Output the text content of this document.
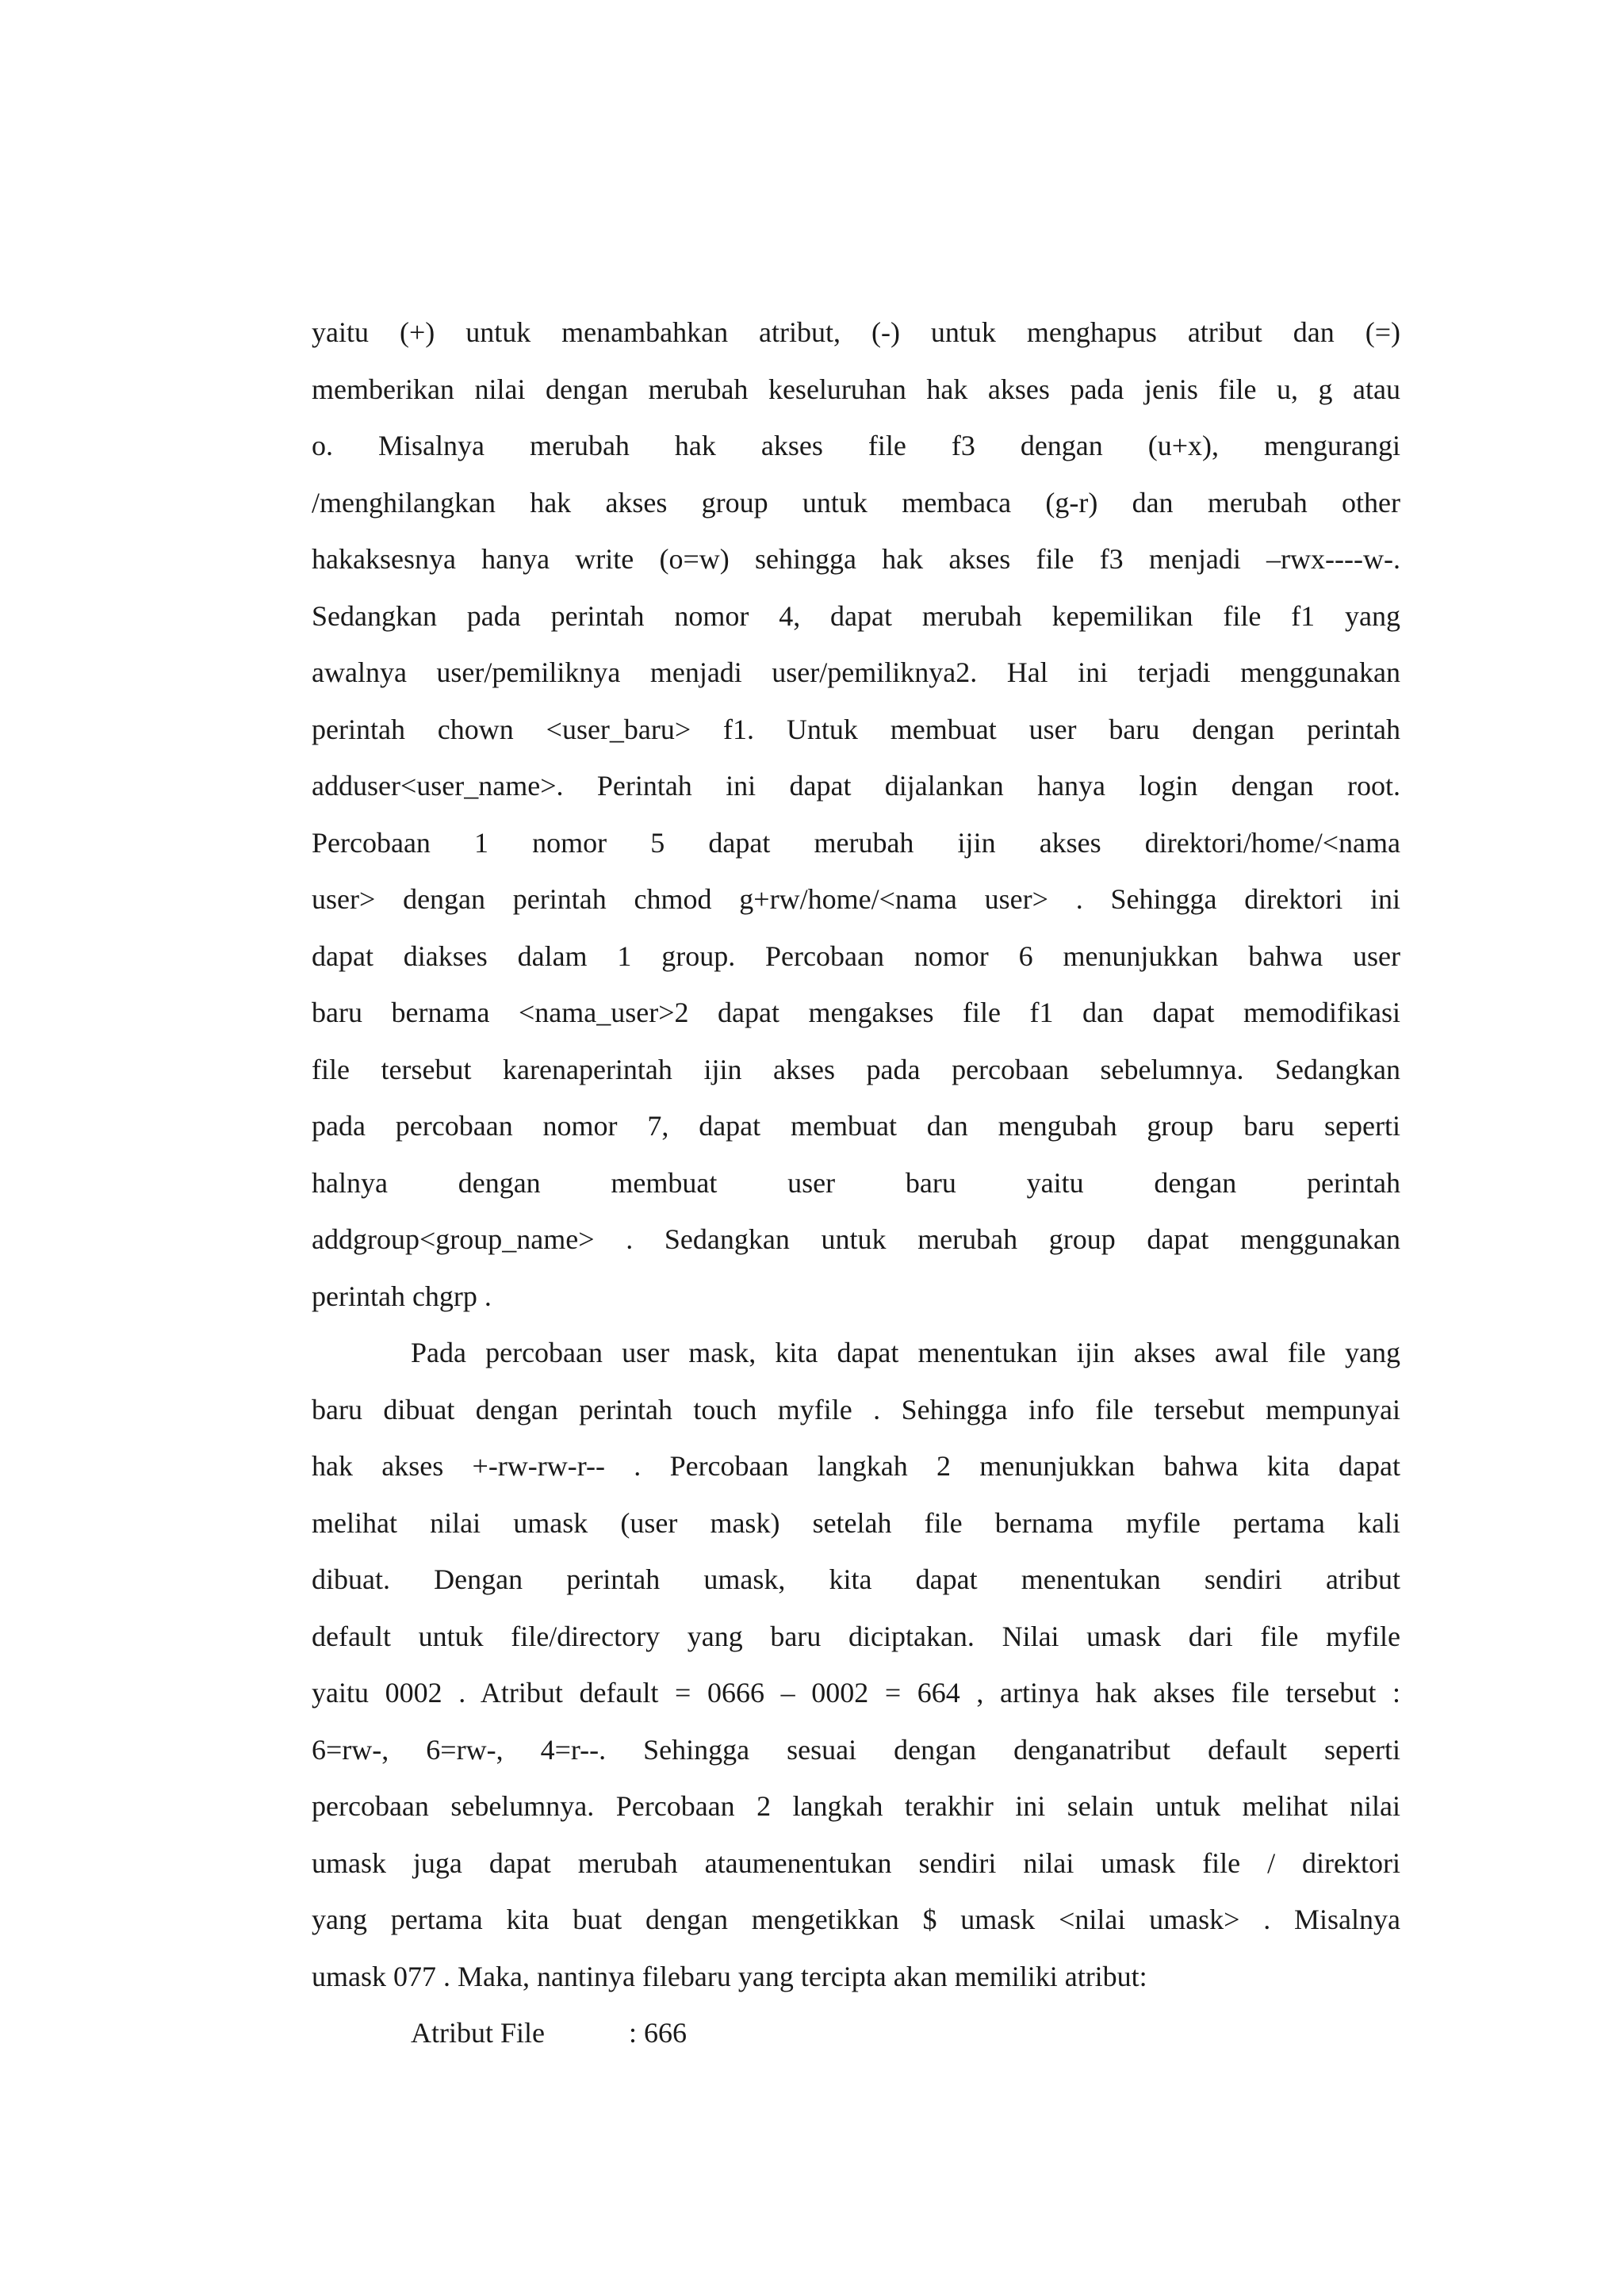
yaitu (+) untuk menambahkan atribut, (-) untuk menghapus atribut dan (=)
memberikan nilai dengan merubah keseluruhan hak akses pada jenis file u, g atau
o. Misalnya merubah hak akses file f3 dengan (u+x), mengurangi
/menghilangkan hak akses group untuk membaca (g-r) dan merubah other
hakaksesnya hanya write (o=w) sehingga hak akses file f3 menjadi –rwx----w-.
Sedangkan pada perintah nomor 4, dapat merubah kepemilikan file f1 yang
awalnya user/pemiliknya menjadi user/pemiliknya2. Hal ini terjadi menggunakan
perintah chown <user_baru> f1. Untuk membuat user baru dengan perintah
adduser<user_name>. Perintah ini dapat dijalankan hanya login dengan root.
Percobaan 1 nomor 5 dapat merubah ijin akses direktori/home/<nama
user> dengan perintah chmod g+rw/home/<nama user> . Sehingga direktori ini
dapat diakses dalam 1 group. Percobaan nomor 6 menunjukkan bahwa user
baru bernama <nama_user>2 dapat mengakses file f1 dan dapat memodifikasi
file tersebut karenaperintah ijin akses pada percobaan sebelumnya. Sedangkan
pada percobaan nomor 7, dapat membuat dan mengubah group baru seperti
halnya dengan membuat user baru yaitu dengan perintah
addgroup<group_name> . Sedangkan untuk merubah group dapat menggunakan
perintah chgrp .
Pada percobaan user mask, kita dapat menentukan ijin akses awal file yang
baru dibuat dengan perintah touch myfile . Sehingga info file tersebut mempunyai
hak akses +-rw-rw-r-- . Percobaan langkah 2 menunjukkan bahwa kita dapat
melihat nilai umask (user mask) setelah file bernama myfile pertama kali
dibuat. Dengan perintah umask, kita dapat menentukan sendiri atribut
default untuk file/directory yang baru diciptakan. Nilai umask dari file myfile
yaitu 0002 . Atribut default = 0666 – 0002 = 664 , artinya hak akses file tersebut :
6=rw-, 6=rw-, 4=r--. Sehingga sesuai dengan denganatribut default seperti
percobaan sebelumnya. Percobaan 2 langkah terakhir ini selain untuk melihat nilai
umask juga dapat merubah ataumenentukan sendiri nilai umask file / direktori
yang pertama kita buat dengan mengetikkan $ umask <nilai umask> . Misalnya
umask 077 . Maka, nantinya filebaru yang tercipta akan memiliki atribut:
Atribut File	: 666
